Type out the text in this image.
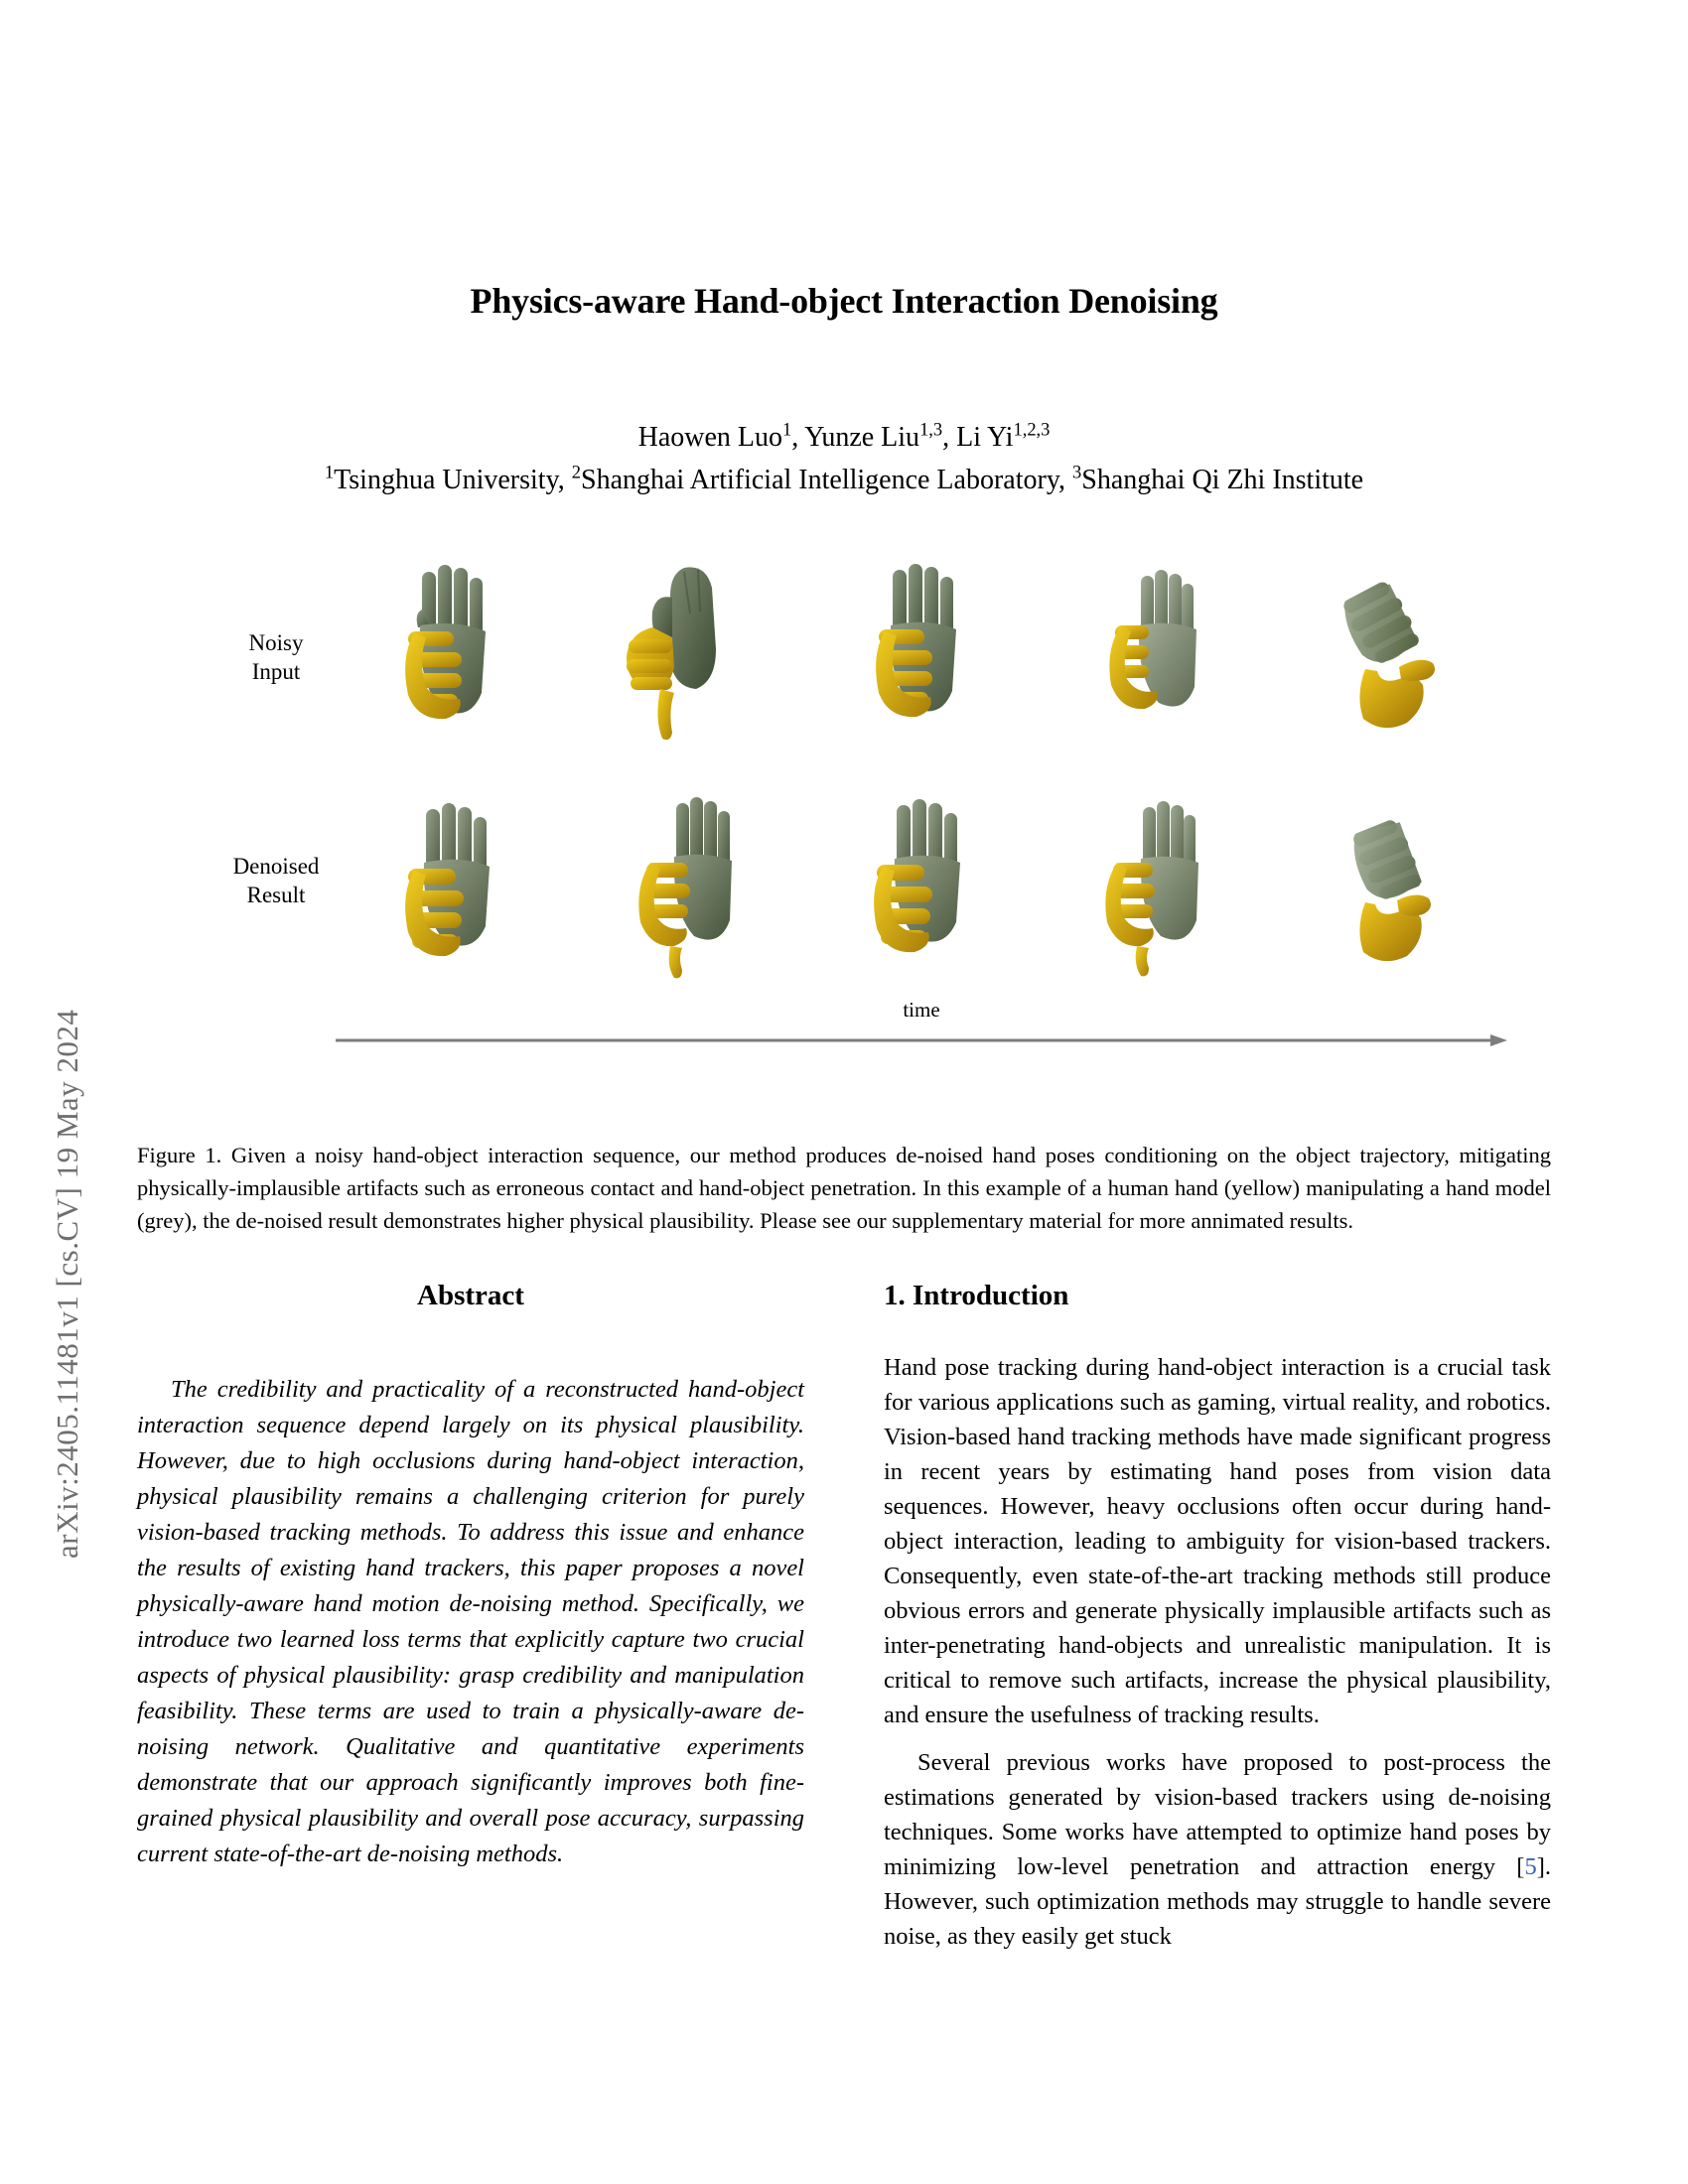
arXiv:2405.11481v1 [cs.CV] 19 May 2024
Physics-aware Hand-object Interaction Denoising
Haowen Luo$^1$, Yunze Liu$^{1,3}$, Li Yi$^{1,2,3}$
$^1$Tsinghua University, $^2$Shanghai Artificial Intelligence Laboratory, $^3$Shanghai Qi Zhi Institute
Noisy
Input
Denoised
Result
time
Figure 1. Given a noisy hand-object interaction sequence, our method produces de-noised hand poses conditioning on the object trajectory, mitigating physically-implausible artifacts such as erroneous contact and hand-object penetration. In this example of a human hand (yellow) manipulating a hand model (grey), the de-noised result demonstrates higher physical plausibility. Please see our supplementary material for more annimated results.
Abstract

The credibility and practicality of a reconstructed hand-object interaction sequence depend largely on its physical plausibility. However, due to high occlusions during hand-object interaction, physical plausibility remains a challenging criterion for purely vision-based tracking methods. To address this issue and enhance the results of existing hand trackers, this paper proposes a novel physically-aware hand motion de-noising method. Specifically, we introduce two learned loss terms that explicitly capture two crucial aspects of physical plausibility: grasp credibility and manipulation feasibility. These terms are used to train a physically-aware de-noising network. Qualitative and quantitative experiments demonstrate that our approach significantly improves both fine-grained physical plausibility and overall pose accuracy, surpassing current state-of-the-art de-noising methods.

1. Introduction

Hand pose tracking during hand-object interaction is a crucial task for various applications such as gaming, virtual reality, and robotics. Vision-based hand tracking methods have made significant progress in recent years by estimating hand poses from vision data sequences. However, heavy occlusions often occur during hand-object interaction, leading to ambiguity for vision-based trackers. Consequently, even state-of-the-art tracking methods still produce obvious errors and generate physically implausible artifacts such as inter-penetrating hand-objects and unrealistic manipulation. It is critical to remove such artifacts, increase the physical plausibility, and ensure the usefulness of tracking results.

Several previous works have proposed to post-process the estimations generated by vision-based trackers using de-noising techniques. Some works have attempted to optimize hand poses by minimizing low-level penetration and attraction energy [5]. However, such optimization methods may struggle to handle severe noise, as they easily get stuck
